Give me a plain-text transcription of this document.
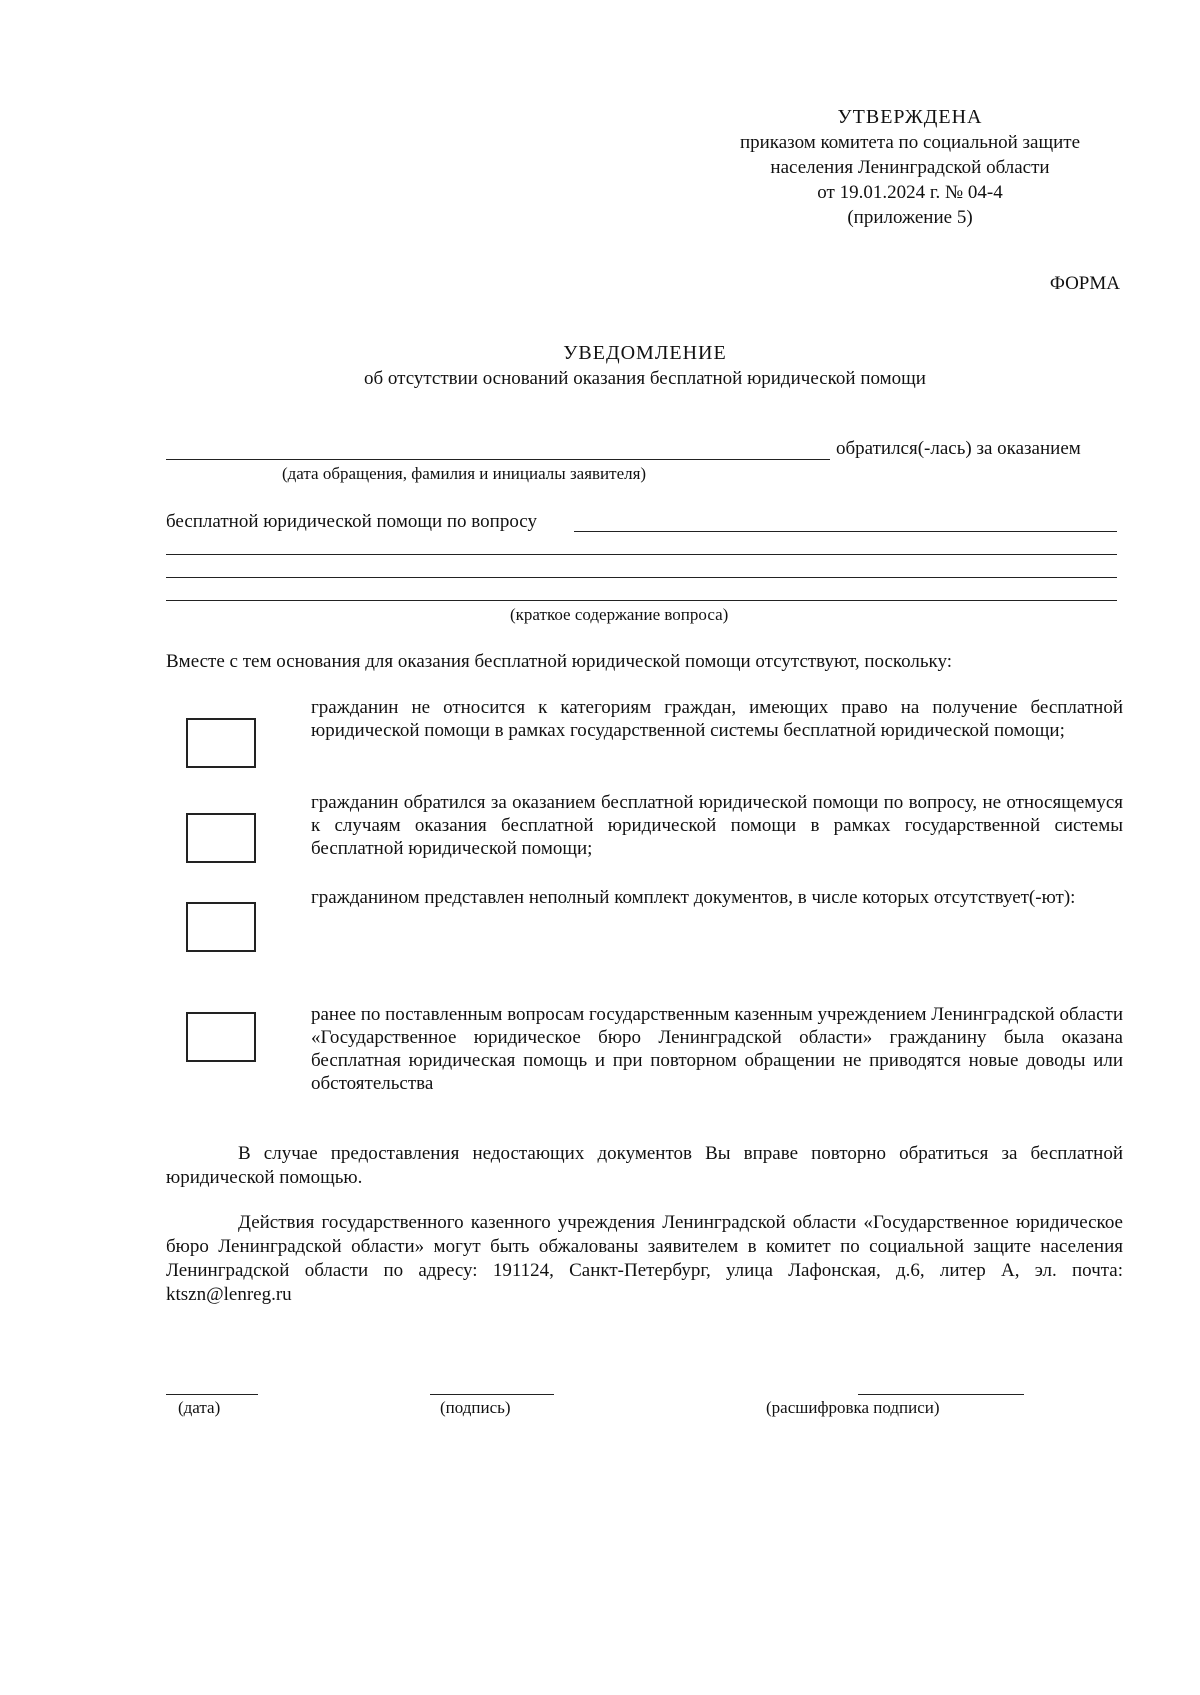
УТВЕРЖДЕНА
приказом комитета по социальной защите
населения Ленинградской области
от 19.01.2024 г. № 04-4
(приложение 5)
ФОРМА
УВЕДОМЛЕНИЕ
об отсутствии оснований оказания бесплатной юридической помощи
обратился(-лась) за оказанием
(дата обращения, фамилия и инициалы заявителя)
бесплатной юридической помощи по вопросу
(краткое содержание вопроса)
Вместе с тем основания для оказания бесплатной юридической помощи отсутствуют, поскольку:
гражданин не относится к категориям граждан, имеющих право на получение бесплатной юридической помощи в рамках государственной системы бесплатной юридической помощи;
гражданин обратился за оказанием бесплатной юридической помощи по вопросу, не относящемуся к случаям оказания бесплатной юридической помощи в рамках государственной системы бесплатной юридической помощи;
гражданином представлен неполный комплект документов, в числе которых отсутствует(-ют):
ранее по поставленным вопросам государственным казенным учреждением Ленинградской области «Государственное юридическое бюро Ленинградской области» гражданину была оказана бесплатная юридическая помощь и при повторном обращении не приводятся новые доводы или обстоятельства
В случае предоставления недостающих документов Вы вправе повторно обратиться за бесплатной юридической помощью.
Действия государственного казенного учреждения Ленинградской области «Государственное юридическое бюро Ленинградской области» могут быть обжалованы заявителем в комитет по социальной защите населения Ленинградской области по адресу: 191124, Санкт-Петербург, улица Лафонская, д.6, литер А, эл. почта: ktszn@lenreg.ru
(дата)	(подпись)	(расшифровка подписи)
